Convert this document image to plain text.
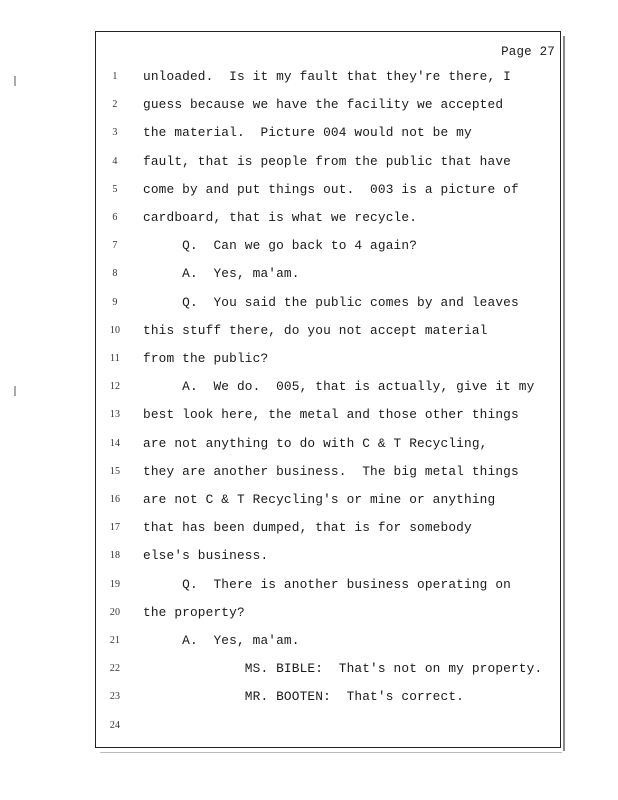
Page 27
1	unloaded.  Is it my fault that they're there, I
2	guess because we have the facility we accepted
3	the material.  Picture 004 would not be my
4	fault, that is people from the public that have
5	come by and put things out.  003 is a picture of
6	cardboard, that is what we recycle.
7	Q.  Can we go back to 4 again?
8	A.  Yes, ma'am.
9	Q.  You said the public comes by and leaves
10	this stuff there, do you not accept material
11	from the public?
12	A.  We do.  005, that is actually, give it my
13	best look here, the metal and those other things
14	are not anything to do with C & T Recycling,
15	they are another business.  The big metal things
16	are not C & T Recycling's or mine or anything
17	that has been dumped, that is for somebody
18	else's business.
19	Q.  There is another business operating on
20	the property?
21	A.  Yes, ma'am.
22	MS. BIBLE:  That's not on my property.
23	MR. BOOTEN:  That's correct.
24
